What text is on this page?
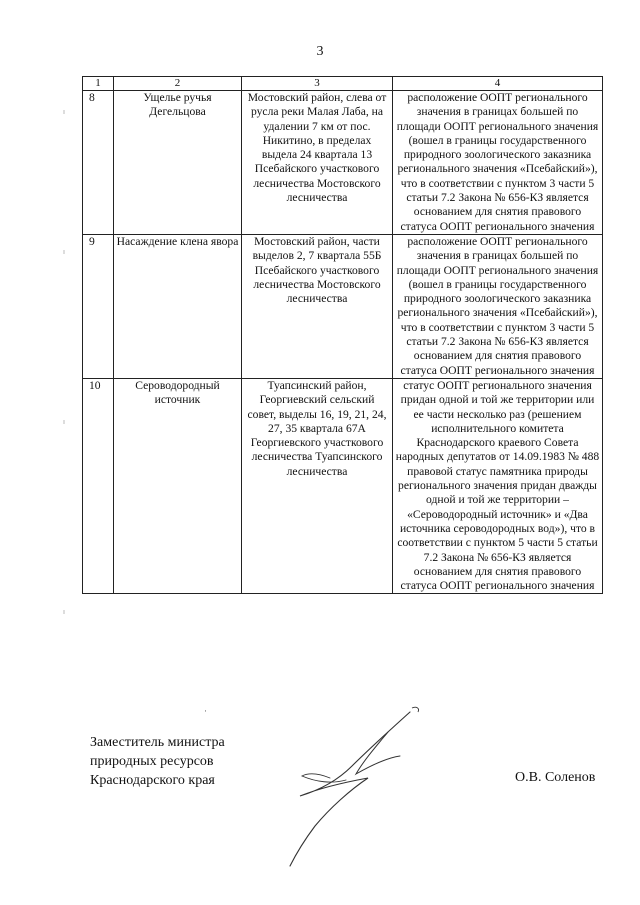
3
1	2	3	4
8	Ущелье ручья Дегельцова	Мостовский район, слева от русла реки Малая Лаба, на удалении 7 км от пос. Никитино, в пределах выдела 24 квартала 13 Псебайского участкового лесничества Мостовского лесничества	расположение ООПТ регионального значения в границах большей по площади ООПТ регионального значения (вошел в границы государственного природного зоологического заказника регионального значения «Псебайский»), что в соответствии с пунктом 3 части 5 статьи 7.2 Закона № 656-КЗ является основанием для снятия правового статуса ООПТ регионального значения
9	Насаждение клена явора	Мостовский район, части выделов 2, 7 квартала 55Б Псебайского участкового лесничества Мостовского лесничества	расположение ООПТ регионального значения в границах большей по площади ООПТ регионального значения (вошел в границы государственного природного зоологического заказника регионального значения «Псебайский»), что в соответствии с пунктом 3 части 5 статьи 7.2 Закона № 656-КЗ является основанием для снятия правового статуса ООПТ регионального значения
10	Сероводородный источник	Туапсинский район, Георгиевский сельский совет, выделы 16, 19, 21, 24, 27, 35 квартала 67А Георгиевского участкового лесничества Туапсинского лесничества	статус ООПТ регионального значения придан одной и той же территории или ее части несколько раз (решением исполнительного комитета Краснодарского краевого Совета народных депутатов от 14.09.1983 № 488 правовой статус памятника природы регионального значения придан дважды одной и той же территории – «Сероводородный источник» и «Два источника сероводородных вод»), что в соответствии с пунктом 5 части 5 статьи 7.2 Закона № 656-КЗ является основанием для снятия правового статуса ООПТ регионального значения
·
Заместитель министра
природных ресурсов
Краснодарского края	О.В. Соленов
